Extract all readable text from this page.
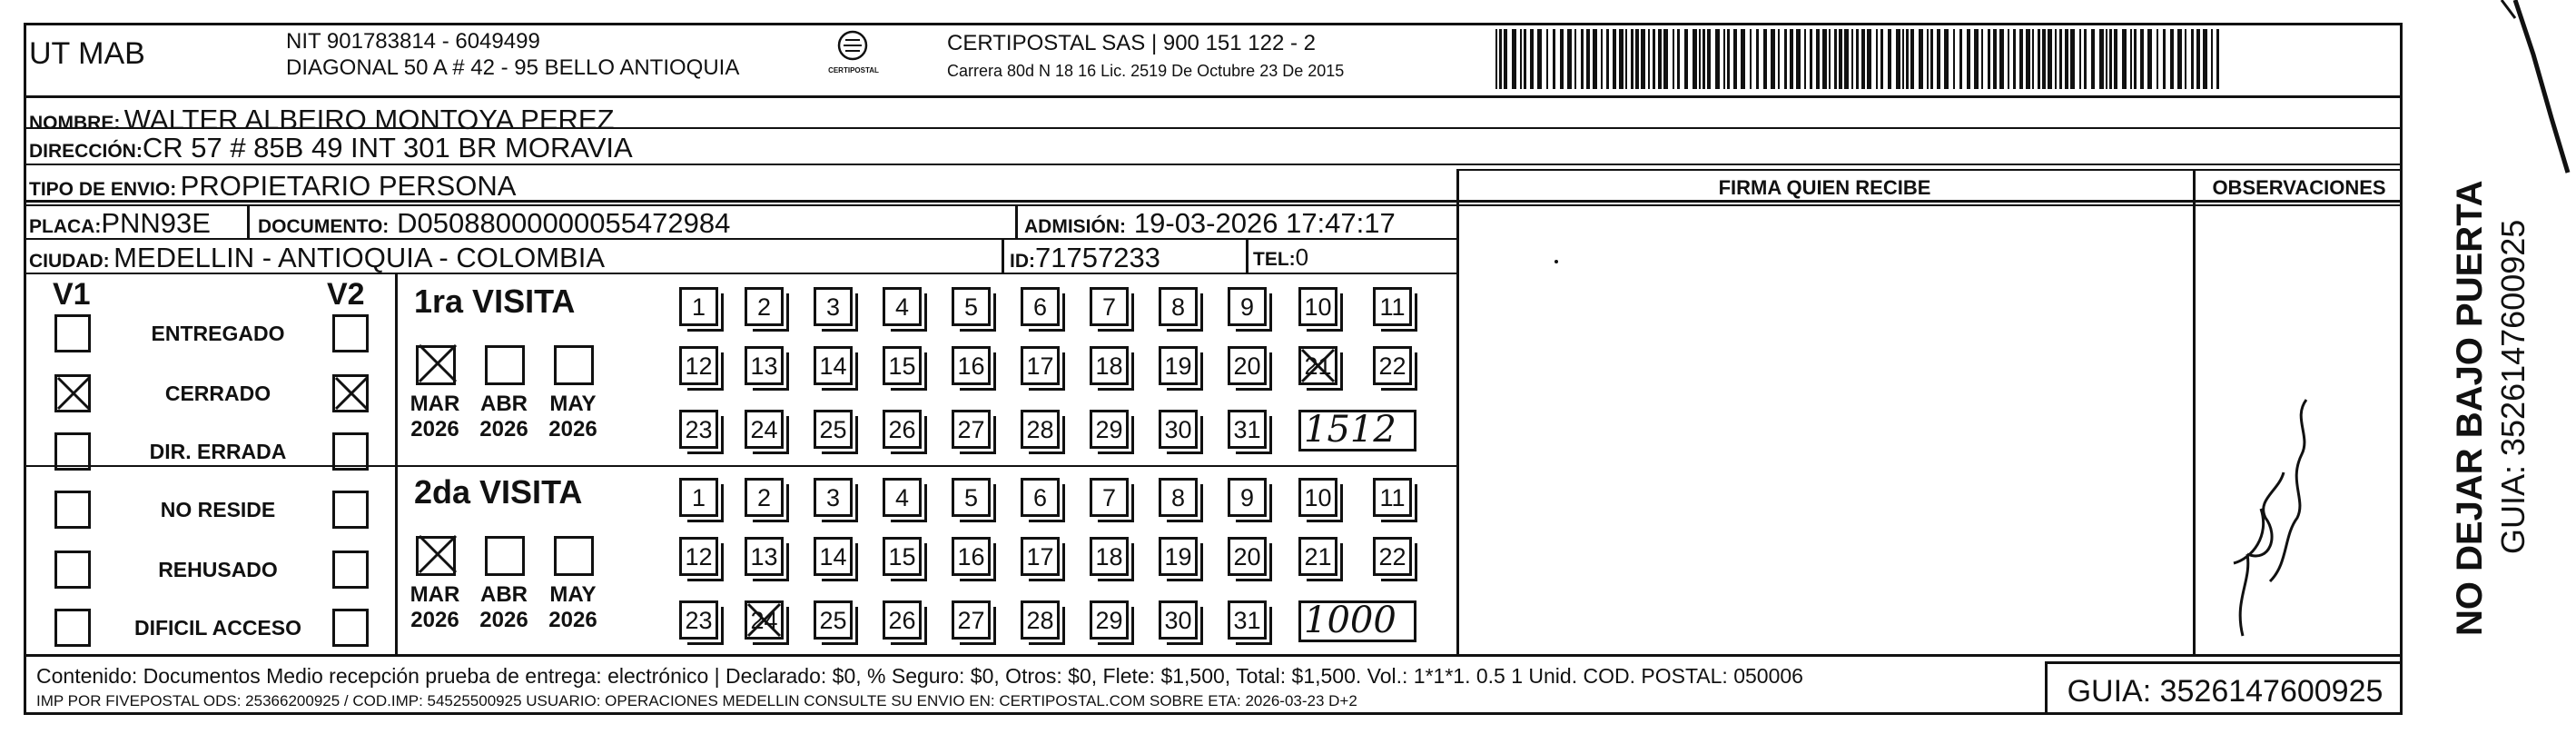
UT MAB	NIT 901783814 - 6049499
DIAGONAL 50 A # 42 - 95 BELLO ANTIOQUIA	CERTIPOSTAL
CERTIPOSTAL SAS | 900 151 122 - 2
Carrera 80d N 18 16 Lic. 2519 De Octubre 23 De 2015
NOMBRE: WALTER ALBEIRO MONTOYA PEREZ
DIRECCIÓN:CR 57 # 85B 49 INT 301 BR MORAVIA
TIPO DE ENVIO: PROPIETARIO PERSONA
PLACA:PNN93E DOCUMENTO: D05088000000055472984	ADMISIÓN: 19-03-2026 17:47:17
CIUDAD: MEDELLIN - ANTIOQUIA - COLOMBIA	ID:71757233	TEL:0
FIRMA QUIEN RECIBE	OBSERVACIONES
V1	V2
Contenido: Documentos Medio recepción prueba de entrega: electrónico | Declarado: $0, % Seguro: $0, Otros: $0, Flete: $1,500, Total: $1,500. Vol.: 1*1*1. 0.5 1 Unid. COD. POSTAL: 050006
IMP POR FIVEPOSTAL ODS: 25366200925 / COD.IMP: 54525500925 USUARIO: OPERACIONES MEDELLIN CONSULTE SU ENVIO EN: CERTIPOSTAL.COM SOBRE ETA: 2026-03-23 D+2	GUIA: 3526147600925
NO DEJAR BAJO PUERTA GUIA: 3526147600925
ENTREGADO
CERRADO
DIR. ERRADA
NO RESIDE
REHUSADO
DIFICIL ACCESO
1ra VISITA
MAR
2026
ABR
2026
MAY
2026
1	2	3	4	5	6	7	8	9	10 11
12 13 14 15 16 17 18 19 20 21 22
23 24 25 26 27 28 29 30 31 1512
2da VISITA
MAR
2026
ABR
2026
MAY
2026
1	2	3	4	5	6	7	8	9	10 11
12 13 14 15 16 17 18 19 20 21 22
23 24 25 26 27 28 29 30 31 1000
